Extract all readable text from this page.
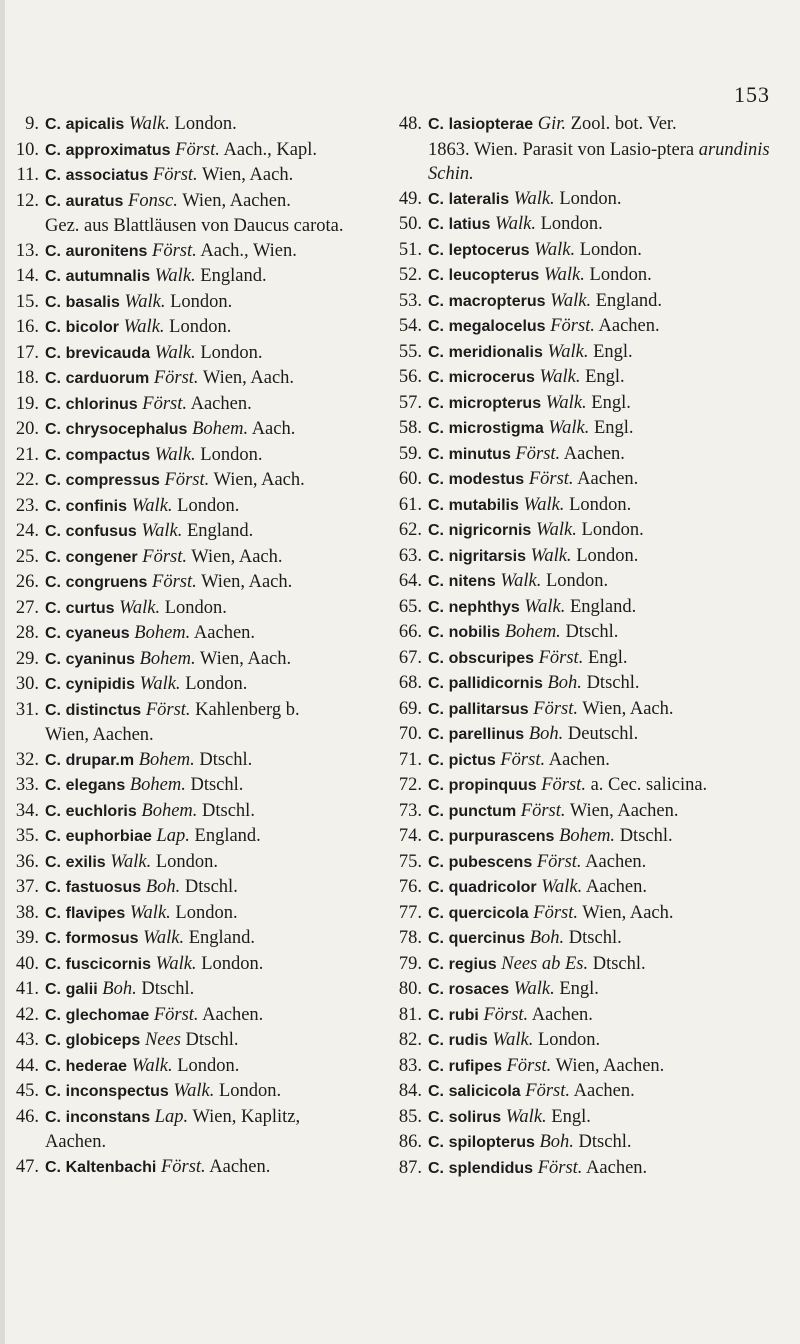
153
9. C. apicalis Walk. London.
10. C. approximatus Först. Aach., Kapl.
11. C. associatus Först. Wien, Aach.
12. C. auratus Fonsc. Wien, Aachen.
Gez. aus Blattläusen von Daucus carota.
13. C. auronitens Först. Aach., Wien.
14. C. autumnalis Walk. England.
15. C. basalis Walk. London.
16. C. bicolor Walk. London.
17. C. brevicauda Walk. London.
18. C. carduorum Först. Wien, Aach.
19. C. chlorinus Först. Aachen.
20. C. chrysocephalus Bohem. Aach.
21. C. compactus Walk. London.
22. C. compressus Först. Wien, Aach.
23. C. confinis Walk. London.
24. C. confusus Walk. England.
25. C. congener Först. Wien, Aach.
26. C. congruens Först. Wien, Aach.
27. C. curtus Walk. London.
28. C. cyaneus Bohem. Aachen.
29. C. cyaninus Bohem. Wien, Aach.
30. C. cynipidis Walk. London.
31. C. distinctus Först. Kahlenberg b.
Wien, Aachen.
32. C. drupar.m Bohem. Dtschl.
33. C. elegans Bohem. Dtschl.
34. C. euchloris Bohem. Dtschl.
35. C. euphorbiae Lap. England.
36. C. exilis Walk. London.
37. C. fastuosus Boh. Dtschl.
38. C. flavipes Walk. London.
39. C. formosus Walk. England.
40. C. fuscicornis Walk. London.
41. C. galii Boh. Dtschl.
42. C. glechomae Först. Aachen.
43. C. globiceps Nees Dtschl.
44. C. hederae Walk. London.
45. C. inconspectus Walk. London.
46. C. inconstans Lap. Wien, Kaplitz,
Aachen.
47. C. Kaltenbachi Först. Aachen.
48. C. lasiopterae Gir. Zool. bot. Ver.
1863. Wien. Parasit von Lasio-ptera arundinis Schin.
49. C. lateralis Walk. London.
50. C. latius Walk. London.
51. C. leptocerus Walk. London.
52. C. leucopterus Walk. London.
53. C. macropterus Walk. England.
54. C. megalocelus Först. Aachen.
55. C. meridionalis Walk. Engl.
56. C. microcerus Walk. Engl.
57. C. micropterus Walk. Engl.
58. C. microstigma Walk. Engl.
59. C. minutus Först. Aachen.
60. C. modestus Först. Aachen.
61. C. mutabilis Walk. London.
62. C. nigricornis Walk. London.
63. C. nigritarsis Walk. London.
64. C. nitens Walk. London.
65. C. nephthys Walk. England.
66. C. nobilis Bohem. Dtschl.
67. C. obscuripes Först. Engl.
68. C. pallidicornis Boh. Dtschl.
69. C. pallitarsus Först. Wien, Aach.
70. C. parellinus Boh. Deutschl.
71. C. pictus Först. Aachen.
72. C. propinquus Först. a. Cec. salicina.
73. C. punctum Först. Wien, Aachen.
74. C. purpurascens Bohem. Dtschl.
75. C. pubescens Först. Aachen.
76. C. quadricolor Walk. Aachen.
77. C. quercicola Först. Wien, Aach.
78. C. quercinus Boh. Dtschl.
79. C. regius Nees ab Es. Dtschl.
80. C. rosaces Walk. Engl.
81. C. rubi Först. Aachen.
82. C. rudis Walk. London.
83. C. rufipes Först. Wien, Aachen.
84. C. salicicola Först. Aachen.
85. C. solirus Walk. Engl.
86. C. spilopterus Boh. Dtschl.
87. C. splendidus Först. Aachen.
